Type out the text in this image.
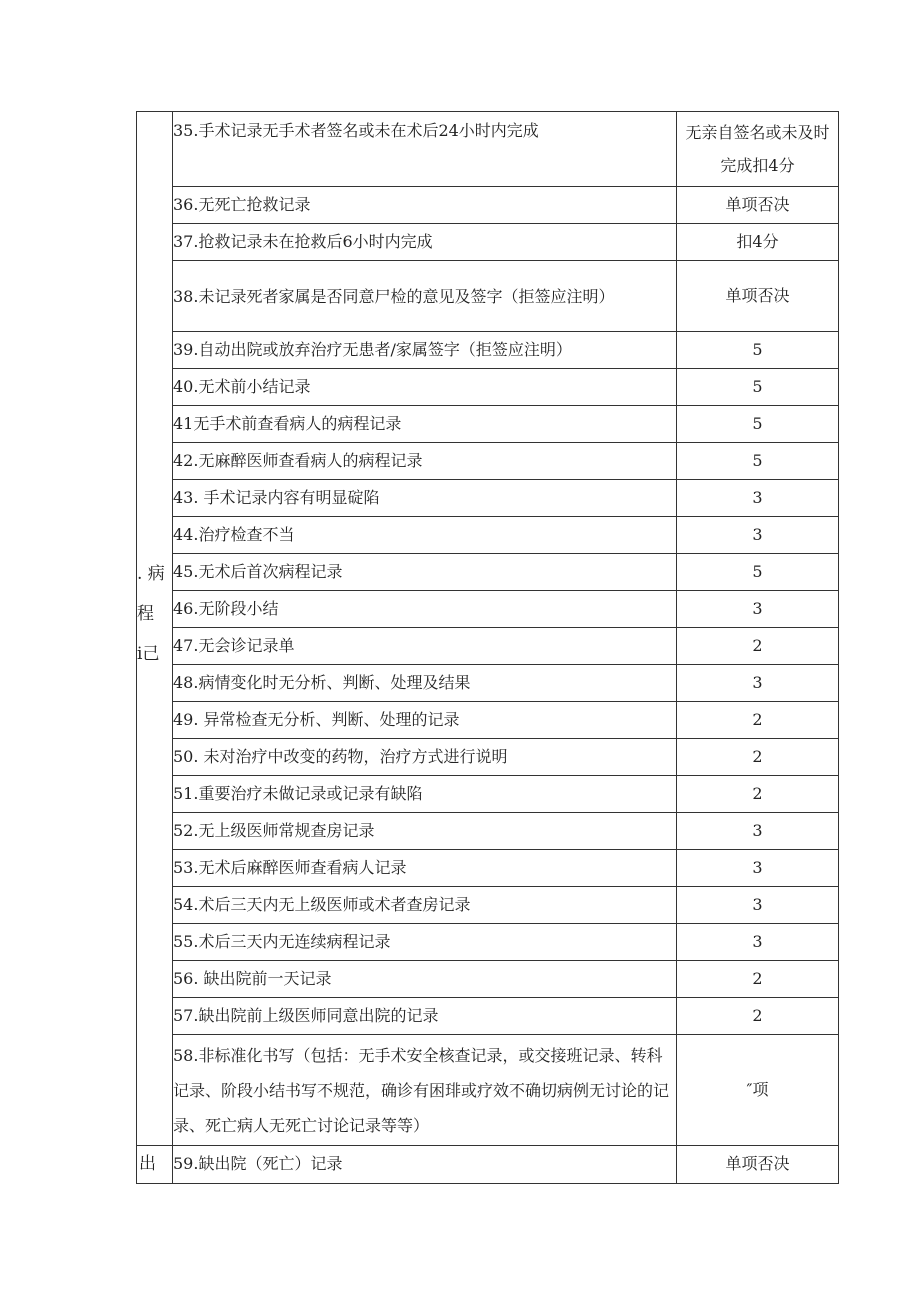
. 病
程
i己	35.手术记录无手术者签名或未在术后24小时内完成	无亲自签名或未及时完成扣4分
	36.无死亡抢救记录	单项否决
	37.抢救记录未在抢救后6小时内完成	扣4分
	38.未记录死者家属是否同意尸检的意见及签字（拒签应注明）	单项否决
	39.自动出院或放弃治疗无患者/家属签字（拒签应注明）	5
	40.无术前小结记录	5
	41无手术前查看病人的病程记录	5
	42.无麻醉医师查看病人的病程记录	5
	43. 手术记录内容有明显碇陷	3
	44.治疗检查不当	3
	45.无术后首次病程记录	5
	46.无阶段小结	3
	47.无会诊记录单	2
	48.病情变化时无分析、判断、处理及结果	3
	49. 异常检查无分析、判断、处理的记录	2
	50. 未对治疗中改变的药物，治疗方式进行说明	2
	51.重要治疗未做记录或记录有缺陷	2
	52.无上级医师常规查房记录	3
	53.无术后麻醉医师查看病人记录	3
	54.术后三天内无上级医师或术者查房记录	3
	55.术后三天内无连续病程记录	3
	56. 缺出院前一天记录	2
	57.缺出院前上级医师同意出院的记录	2
	58.非标准化书写（包括：无手术安全核查记录，或交接班记录、转科记录、阶段小结书写不规范，确诊有困琲或疗效不确切病例无讨论的记录、死亡病人无死亡讨论记录等等）	″项
出	59.缺出院（死亡）记录	单项否决
